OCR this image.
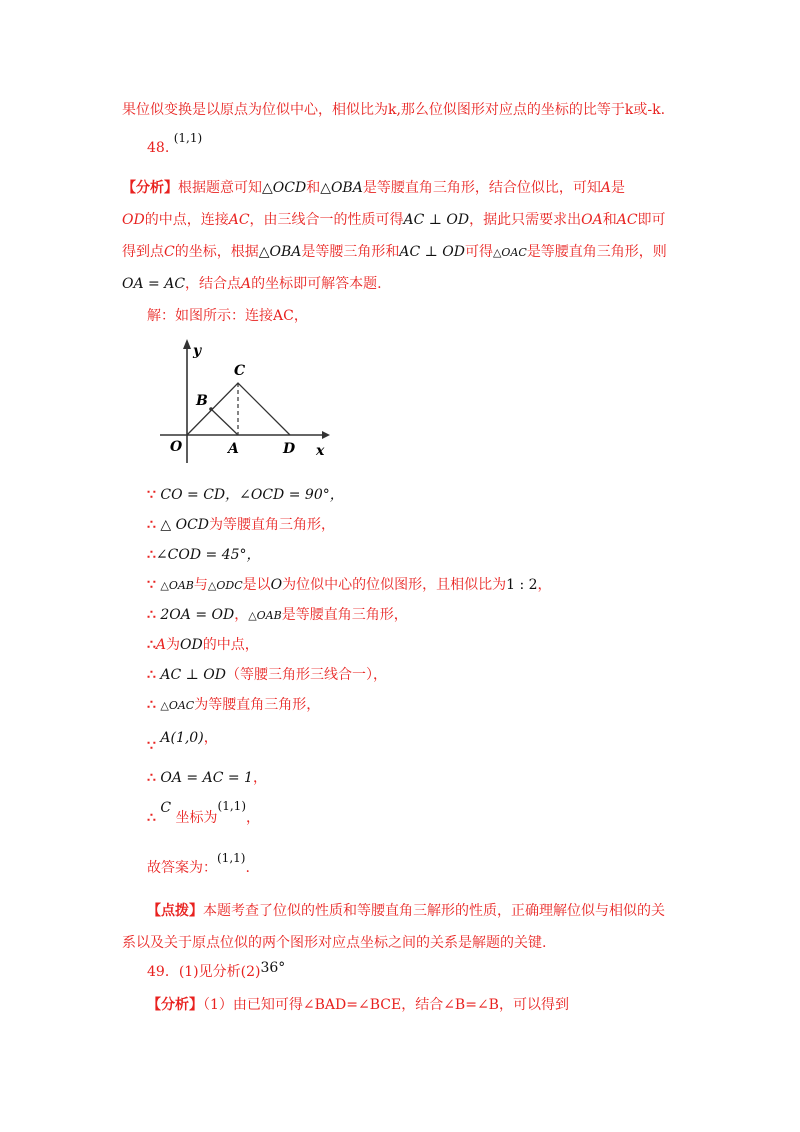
果位似变换是以原点为位似中心，相似比为k,那么位似图形对应点的坐标的比等于k或-k.
48. (1,1)
【分析】根据题意可知△OCD和△OBA是等腰直角三角形，结合位似比，可知A是
OD的中点，连接AC，由三线合一的性质可得AC ⊥ OD，据此只需要求出OA和AC即可
得到点C的坐标，根据△OBA是等腰三角形和AC ⊥ OD可得△OAC是等腰直角三角形，则
OA = AC，结合点A的坐标即可解答本题.
解：如图所示：连接AC，
y
x
O	A
B
C
D
∵ CO = CD，∠OCD = 90°，
∴ △ OCD为等腰直角三角形，
∴∠COD = 45°，
∵ △OAB与△ODC是以O为位似中心的位似图形，且相似比为1 : 2，
∴ 2OA = OD，△OAB是等腰直角三角形，
∴A为OD的中点，
∴ AC ⊥ OD（等腰三角形三线合一），
∴ △OAC为等腰直角三角形，
∵ A(1,0)，
∴ OA = AC = 1，
∴ C 坐标为(1,1)，
故答案为：(1,1).
【点拨】本题考查了位似的性质和等腰直角三解形的性质，正确理解位似与相似的关
系以及关于原点位似的两个图形对应点坐标之间的关系是解题的关键.
49．(1)见分析(2)36°
【分析】（1）由已知可得∠BAD=∠BCE，结合∠B=∠B，可以得到
